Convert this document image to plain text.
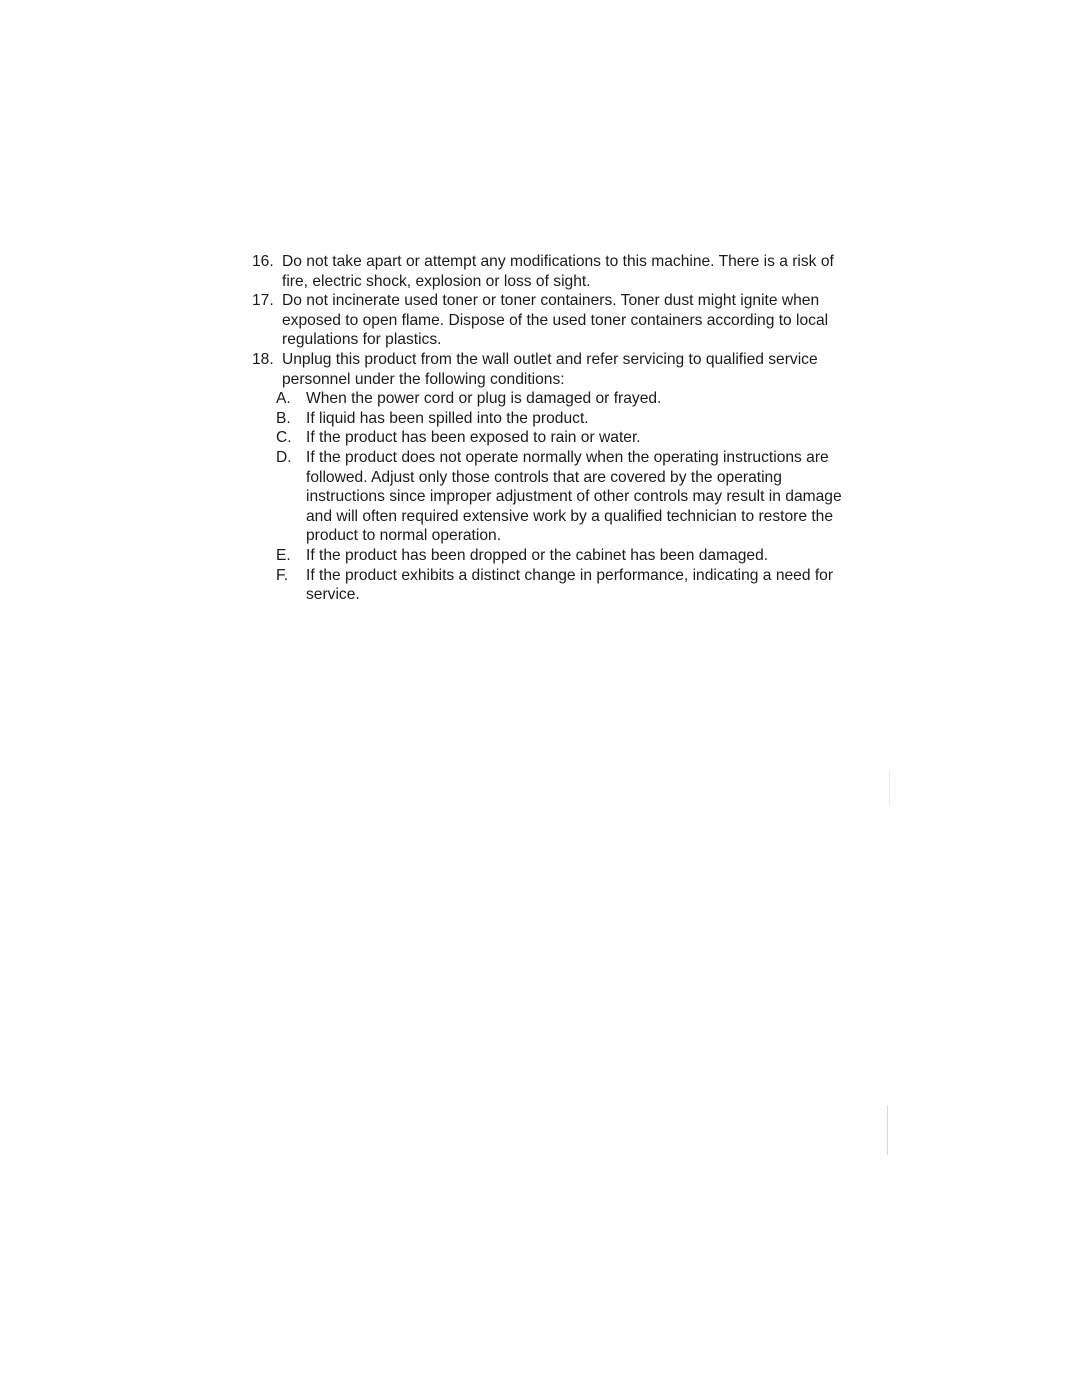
16. Do not take apart or attempt any modifications to this machine. There is a risk of fire, electric shock, explosion or loss of sight.
17. Do not incinerate used toner or toner containers. Toner dust might ignite when exposed to open flame. Dispose of the used toner containers according to local regulations for plastics.
18. Unplug this product from the wall outlet and refer servicing to qualified service personnel under the following conditions:
A. When the power cord or plug is damaged or frayed.
B. If liquid has been spilled into the product.
C. If the product has been exposed to rain or water.
D. If the product does not operate normally when the operating instructions are followed. Adjust only those controls that are covered by the operating instructions since improper adjustment of other controls may result in damage and will often required extensive work by a qualified technician to restore the product to normal operation.
E. If the product has been dropped or the cabinet has been damaged.
F.	If the product exhibits a distinct change in performance, indicating a need for service.
